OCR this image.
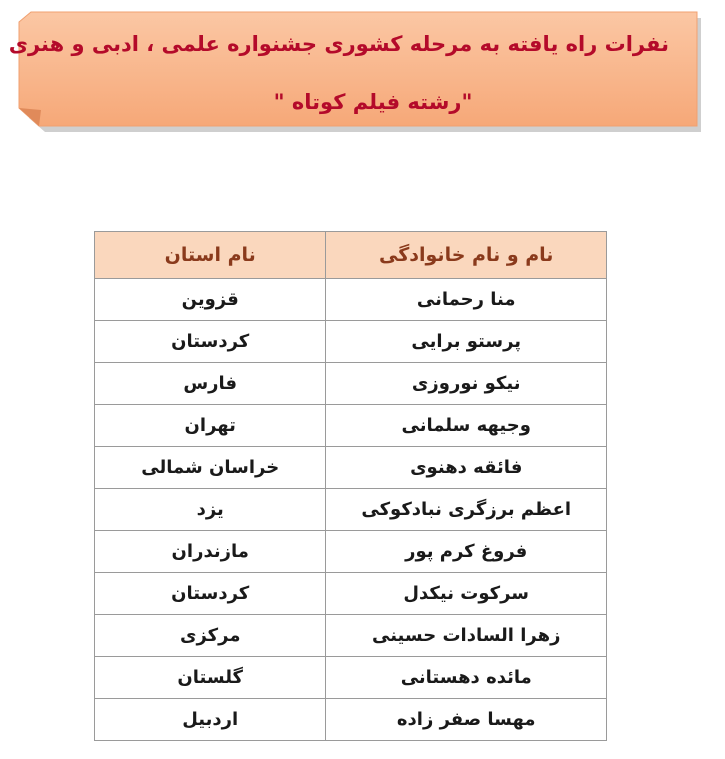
نفرات راه یافته به مرحله کشوری جشنواره علمی ، ادبی و هنری
"رشته فیلم کوتاه "
نام و نام خانوادگی	نام استان
منا رحمانی	قزوین
پرستو برایی	کردستان
نیکو نوروزی	فارس
وجیهه سلمانی	تهران
فائقه دهنوی	خراسان شمالی
اعظم برزگری نبادکوکی	یزد
فروغ کرم پور	مازندران
سرکوت نیکدل	کردستان
زهرا السادات حسینی	مرکزی
مائده دهستانی	گلستان
مهسا صفر زاده	اردبیل
